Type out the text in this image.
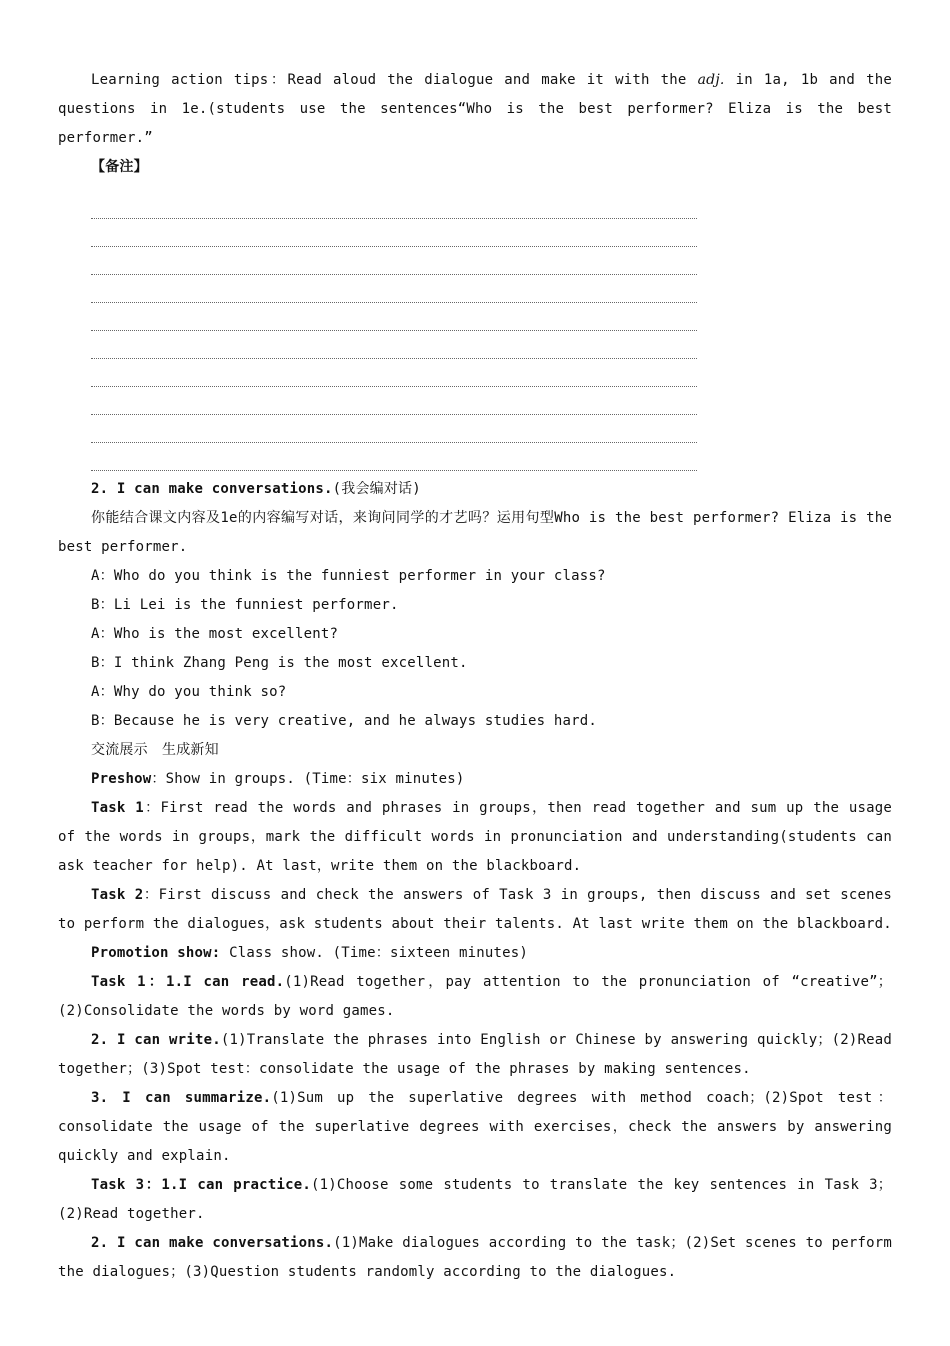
Learning action tips：Read aloud the dialogue and make it with the adj. in 1a, 1b and the questions in 1e.(students use the sentences“Who is the best performer? Eliza is the best performer.”

【备注】

2. I can make conversations.(我会编对话)

你能结合课文内容及1e的内容编写对话，来询问同学的才艺吗？运用句型Who is the best performer? Eliza is the best performer.

A：Who do you think is the funniest performer in your class?

B：Li Lei is the funniest performer.

A：Who is the most excellent?

B：I think Zhang Peng is the most excellent.

A：Why do you think so?

B：Because he is very creative, and he always studies hard.

交流展示　生成新知

Preshow：Show in groups. (Time：six minutes)

Task 1：First read the words and phrases in groups，then read together and sum up the usage of the words in groups，mark the difficult words in pronunciation and understanding(students can ask teacher for help). At last，write them on the blackboard.

Task 2：First discuss and check the answers of Task 3 in groups, then discuss and set scenes to perform the dialogues，ask students about their talents. At last write them on the blackboard.

Promotion show: Class show. (Time：sixteen minutes)

Task 1：1.I can read.(1)Read together，pay attention to the pronunciation of “creative”；(2)Consolidate the words by word games.

2. I can write.(1)Translate the phrases into English or Chinese by answering quickly；(2)Read together；(3)Spot test：consolidate the usage of the phrases by making sentences.

3. I can summarize.(1)Sum up the superlative degrees with method coach；(2)Spot test：consolidate the usage of the superlative degrees with exercises，check the answers by answering quickly and explain.

Task 3：1.I can practice.(1)Choose some students to translate the key sentences in Task 3；(2)Read together.

2. I can make conversations.(1)Make dialogues according to the task；(2)Set scenes to perform the dialogues；(3)Question students randomly according to the dialogues.
